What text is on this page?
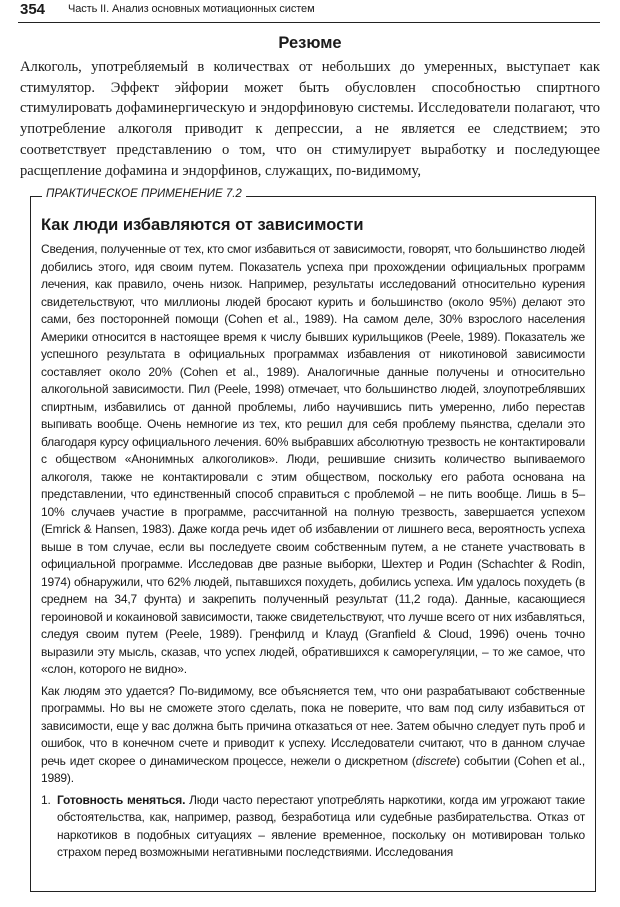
354 Часть II. Анализ основных мотиационных систем
Резюме
Алкоголь, употребляемый в количествах от небольших до умеренных, выступает как стимулятор. Эффект эйфории может быть обусловлен способностью спиртного стимулировать дофаминергическую и эндорфиновую системы. Исследователи полагают, что употребление алкоголя приводит к депрессии, а не является ее следствием; это соответствует представлению о том, что он стимулирует выработку и последующее расщепление дофамина и эндорфинов, служащих, по-видимому,
ПРАКТИЧЕСКОЕ ПРИМЕНЕНИЕ 7.2
Как люди избавляются от зависимости

Сведения, полученные от тех, кто смог избавиться от зависимости, говорят, что большинство людей добились этого, идя своим путем. Показатель успеха при прохождении официальных программ лечения, как правило, очень низок. Например, результаты исследований относительно курения свидетельствуют, что миллионы людей бросают курить и большинство (около 95%) делают это сами, без посторонней помощи (Cohen et al., 1989). На самом деле, 30% взрослого населения Америки относится в настоящее время к числу бывших курильщиков (Peele, 1989). Показатель же успешного результата в официальных программах избавления от никотиновой зависимости составляет около 20% (Cohen et al., 1989). Аналогичные данные получены и относительно алкогольной зависимости. Пил (Peele, 1998) отмечает, что большинство людей, злоупотреблявших спиртным, избавились от данной проблемы, либо научившись пить умеренно, либо перестав выпивать вообще. Очень немногие из тех, кто решил для себя проблему пьянства, сделали это благодаря курсу официального лечения. 60% выбравших абсолютную трезвость не контактировали с обществом «Анонимных алкоголиков». Люди, решившие снизить количество выпиваемого алкоголя, также не контактировали с этим обществом, поскольку его работа основана на представлении, что единственный способ справиться с проблемой – не пить вообще. Лишь в 5–10% случаев участие в программе, рассчитанной на полную трезвость, завершается успехом (Emrick & Hansen, 1983). Даже когда речь идет об избавлении от лишнего веса, вероятность успеха выше в том случае, если вы последуете своим собственным путем, а не станете участвовать в официальной программе. Исследовав две разные выборки, Шехтер и Родин (Schachter & Rodin, 1974) обнаружили, что 62% людей, пытавшихся похудеть, добились успеха. Им удалось похудеть (в среднем на 34,7 фунта) и закрепить полученный результат (11,2 года). Данные, касающиеся героиновой и кокаиновой зависимости, также свидетельствуют, что лучше всего от них избавляться, следуя своим путем (Peele, 1989). Гренфилд и Клауд (Granfield & Cloud, 1996) очень точно выразили эту мысль, сказав, что успех людей, обратившихся к саморегуляции, – то же самое, что «слон, которого не видно».

Как людям это удается? По-видимому, все объясняется тем, что они разрабатывают собственные программы. Но вы не сможете этого сделать, пока не поверите, что вам под силу избавиться от зависимости, еще у вас должна быть причина отказаться от нее. Затем обычно следует путь проб и ошибок, что в конечном счете и приводит к успеху. Исследователи считают, что в данном случае речь идет скорее о динамическом процессе, нежели о дискретном (discrete) событии (Cohen et al., 1989).

1. Готовность меняться. Люди часто перестают употреблять наркотики, когда им угрожают такие обстоятельства, как, например, развод, безработица или судебные разбирательства. Отказ от наркотиков в подобных ситуациях – явление временное, поскольку он мотивирован только страхом перед возможными негативными последствиями. Исследования
